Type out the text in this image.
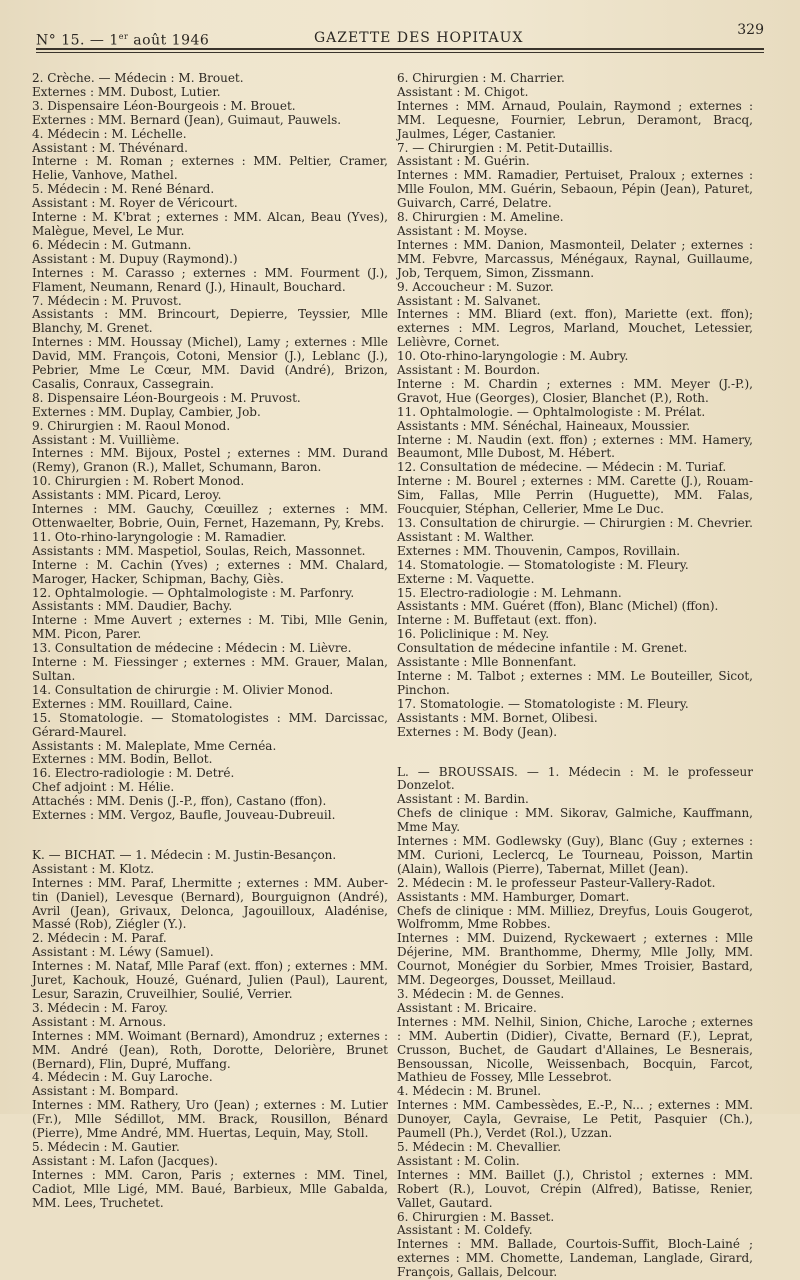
N° 15. — 1er août 1946	GAZETTE DES HOPITAUX	329

2. Crèche. — Médecin : M. Brouet.

Externes : MM. Dubost, Lutier.

3. Dispensaire Léon-Bourgeois : M. Brouet.

Externes : MM. Bernard (Jean), Guimaut, Pauwels.

4. Médecin : M. Léchelle.

Assistant : M. Thévénard.

Interne : M. Roman ; externes : MM. Peltier, Cramer, Helie, Vanhove, Mathel.

5. Médecin : M. René Bénard.

Assistant : M. Royer de Véricourt.

Interne : M. K'brat ; externes : MM. Alcan, Beau (Yves), Malègue, Mevel, Le Mur.

6. Médecin : M. Gutmann.

Assistant : M. Dupuy (Raymond).)

Internes : M. Carasso ; externes : MM. Fourment (J.), Flament, Neumann, Renard (J.), Hinault, Bouchard.

7. Médecin : M. Pruvost.

Assistants : MM. Brincourt, Depierre, Teyssier, Mlle Blanchy, M. Grenet.

Internes : MM. Houssay (Michel), Lamy ; externes : Mlle David, MM. François, Cotoni, Mensior (J.), Leblanc (J.), Pebrier, Mme Le Cœur, MM. David (André), Brizon, Casalis, Conraux, Cassegrain.

8. Dispensaire Léon-Bourgeois : M. Pruvost.

Externes : MM. Duplay, Cambier, Job.

9. Chirurgien : M. Raoul Monod.

Assistant : M. Vuillième.

Internes : MM. Bijoux, Postel ; externes : MM. Durand (Remy), Granon (R.), Mallet, Schumann, Baron.

10. Chirurgien : M. Robert Monod.

Assistants : MM. Picard, Leroy.

Internes : MM. Gauchy, Cœuillez ; externes : MM. Ottenwaelter, Bobrie, Ouin, Fernet, Hazemann, Py, Krebs.

11. Oto-rhino-laryngologie : M. Ramadier.

Assistants : MM. Maspetiol, Soulas, Reich, Massonnet.

Interne : M. Cachin (Yves) ; externes : MM. Chalard, Maroger, Hacker, Schipman, Bachy, Giès.

12. Ophtalmologie. — Ophtalmologiste : M. Parfonry.

Assistants : MM. Daudier, Bachy.

Interne : Mme Auvert ; externes : M. Tibi, Mlle Genin, MM. Picon, Parer.

13. Consultation de médecine : Médecin : M. Lièvre.

Interne : M. Fiessinger ; externes : MM. Grauer, Malan, Sultan.

14. Consultation de chirurgie : M. Olivier Monod.

Externes : MM. Rouillard, Caine.

15. Stomatologie. — Stomatologistes : MM. Darcissac, Gérard-Maurel.

Assistants : M. Maleplate, Mme Cernéa.

Externes : MM. Bodin, Bellot.

16. Electro-radiologie : M. Detré.

Chef adjoint : M. Hélie.

Attachés : MM. Denis (J.-P., ffon), Castano (ffon).

Externes : MM. Vergoz, Baufle, Jouveau-Dubreuil.

K. — BICHAT. — 1. Médecin : M. Justin-Besançon.

Assistant : M. Klotz.

Internes : MM. Paraf, Lhermitte ; externes : MM. Auber-tin (Daniel), Levesque (Bernard), Bourguignon (André), Avril (Jean), Grivaux, Delonca, Jagouilloux, Aladénise, Massé (Rob), Ziégler (Y.).

2. Médecin : M. Paraf.

Assistant : M. Léwy (Samuel).

Internes : M. Nataf, Mlle Paraf (ext. ffon) ; externes : MM. Juret, Kachouk, Houzé, Guénard, Julien (Paul), Laurent, Lesur, Sarazin, Cruveilhier, Soulié, Verrier.

3. Médecin : M. Faroy.

Assistant : M. Arnous.

Internes : MM. Woimant (Bernard), Amondruz ; externes : MM. André (Jean), Roth, Dorotte, Delorière, Brunet (Bernard), Flin, Dupré, Muffang.

4. Médecin : M. Guy Laroche.

Assistant : M. Bompard.

Internes : MM. Rathery, Uro (Jean) ; externes : M. Lutier (Fr.), Mlle Sédillot, MM. Brack, Rousillon, Bénard (Pierre), Mme André, MM. Huertas, Lequin, May, Stoll.

5. Médecin : M. Gautier.

Assistant : M. Lafon (Jacques).

Internes : MM. Caron, Paris ; externes : MM. Tinel, Cadiot, Mlle Ligé, MM. Baué, Barbieux, Mlle Gabalda, MM. Lees, Truchetet.

6. Chirurgien : M. Charrier.

Assistant : M. Chigot.

Internes : MM. Arnaud, Poulain, Raymond ; externes : MM. Lequesne, Fournier, Lebrun, Deramont, Bracq, Jaulmes, Léger, Castanier.

7. — Chirurgien : M. Petit-Dutaillis.

Assistant : M. Guérin.

Internes : MM. Ramadier, Pertuiset, Praloux ; externes : Mlle Foulon, MM. Guérin, Sebaoun, Pépin (Jean), Paturet, Guivarch, Carré, Delatre.

8. Chirurgien : M. Ameline.

Assistant : M. Moyse.

Internes : MM. Danion, Masmonteil, Delater ; externes : MM. Febvre, Marcassus, Ménégaux, Raynal, Guillaume, Job, Terquem, Simon, Zissmann.

9. Accoucheur : M. Suzor.

Assistant : M. Salvanet.

Internes : MM. Bliard (ext. ffon), Mariette (ext. ffon); externes : MM. Legros, Marland, Mouchet, Letessier, Lelièvre, Cornet.

10. Oto-rhino-laryngologie : M. Aubry.

Assistant : M. Bourdon.

Interne : M. Chardin ; externes : MM. Meyer (J.-P.), Gravot, Hue (Georges), Closier, Blanchet (P.), Roth.

11. Ophtalmologie. — Ophtalmologiste : M. Prélat.

Assistants : MM. Sénéchal, Haineaux, Moussier.

Interne : M. Naudin (ext. ffon) ; externes : MM. Hamery, Beaumont, Mlle Dubost, M. Hébert.

12. Consultation de médecine. — Médecin : M. Turiaf.

Interne : M. Bourel ; externes : MM. Carette (J.), Rouam-Sim, Fallas, Mlle Perrin (Huguette), MM. Falas, Foucquier, Stéphan, Cellerier, Mme Le Duc.

13. Consultation de chirurgie. — Chirurgien : M. Chevrier.

Assistant : M. Walther.

Externes : MM. Thouvenin, Campos, Rovillain.

14. Stomatologie. — Stomatologiste : M. Fleury.

Externe : M. Vaquette.

15. Electro-radiologie : M. Lehmann.

Assistants : MM. Guéret (ffon), Blanc (Michel) (ffon).

Interne : M. Buffetaut (ext. ffon).

16. Policlinique : M. Ney.

Consultation de médecine infantile : M. Grenet.

Assistante : Mlle Bonnenfant.

Interne : M. Talbot ; externes : MM. Le Bouteiller, Sicot, Pinchon.

17. Stomatologie. — Stomatologiste : M. Fleury.

Assistants : MM. Bornet, Olibesi.

Externes : M. Body (Jean).

L. — BROUSSAIS. — 1. Médecin : M. le professeur Donzelot.

Assistant : M. Bardin.

Chefs de clinique : MM. Sikorav, Galmiche, Kauffmann, Mme May.

Internes : MM. Godlewsky (Guy), Blanc (Guy ; externes : MM. Curioni, Leclercq, Le Tourneau, Poisson, Martin (Alain), Wallois (Pierre), Tabernat, Millet (Jean).

2. Médecin : M. le professeur Pasteur-Vallery-Radot.

Assistants : MM. Hamburger, Domart.

Chefs de clinique : MM. Milliez, Dreyfus, Louis Gougerot, Wolfromm, Mme Robbes.

Internes : MM. Duizend, Ryckewaert ; externes : Mlle Déjerine, MM. Branthomme, Dhermy, Mlle Jolly, MM. Cournot, Monégier du Sorbier, Mmes Troisier, Bastard, MM. Degeorges, Dousset, Meillaud.

3. Médecin : M. de Gennes.

Assistant : M. Bricaire.

Internes : MM. Nelhil, Sinion, Chiche, Laroche ; externes : MM. Aubertin (Didier), Civatte, Bernard (F.), Leprat, Crusson, Buchet, de Gaudart d'Allaines, Le Besnerais, Bensoussan, Nicolle, Weissenbach, Bocquin, Farcot, Mathieu de Fossey, Mlle Lessebrot.

4. Médecin : M. Brunel.

Internes : MM. Cambessèdes, E.-P., N... ; externes : MM. Dunoyer, Cayla, Gevraise, Le Petit, Pasquier (Ch.), Paumell (Ph.), Verdet (Rol.), Uzzan.

5. Médecin : M. Chevallier.

Assistant : M. Colin.

Internes : MM. Baillet (J.), Christol ; externes : MM. Robert (R.), Louvot, Crépin (Alfred), Batisse, Renier, Vallet, Gautard.

6. Chirurgien : M. Basset.

Assistant : M. Coldefy.

Internes : MM. Ballade, Courtois-Suffit, Bloch-Lainé ; externes : MM. Chomette, Landeman, Langlade, Girard, François, Gallais, Delcour.
